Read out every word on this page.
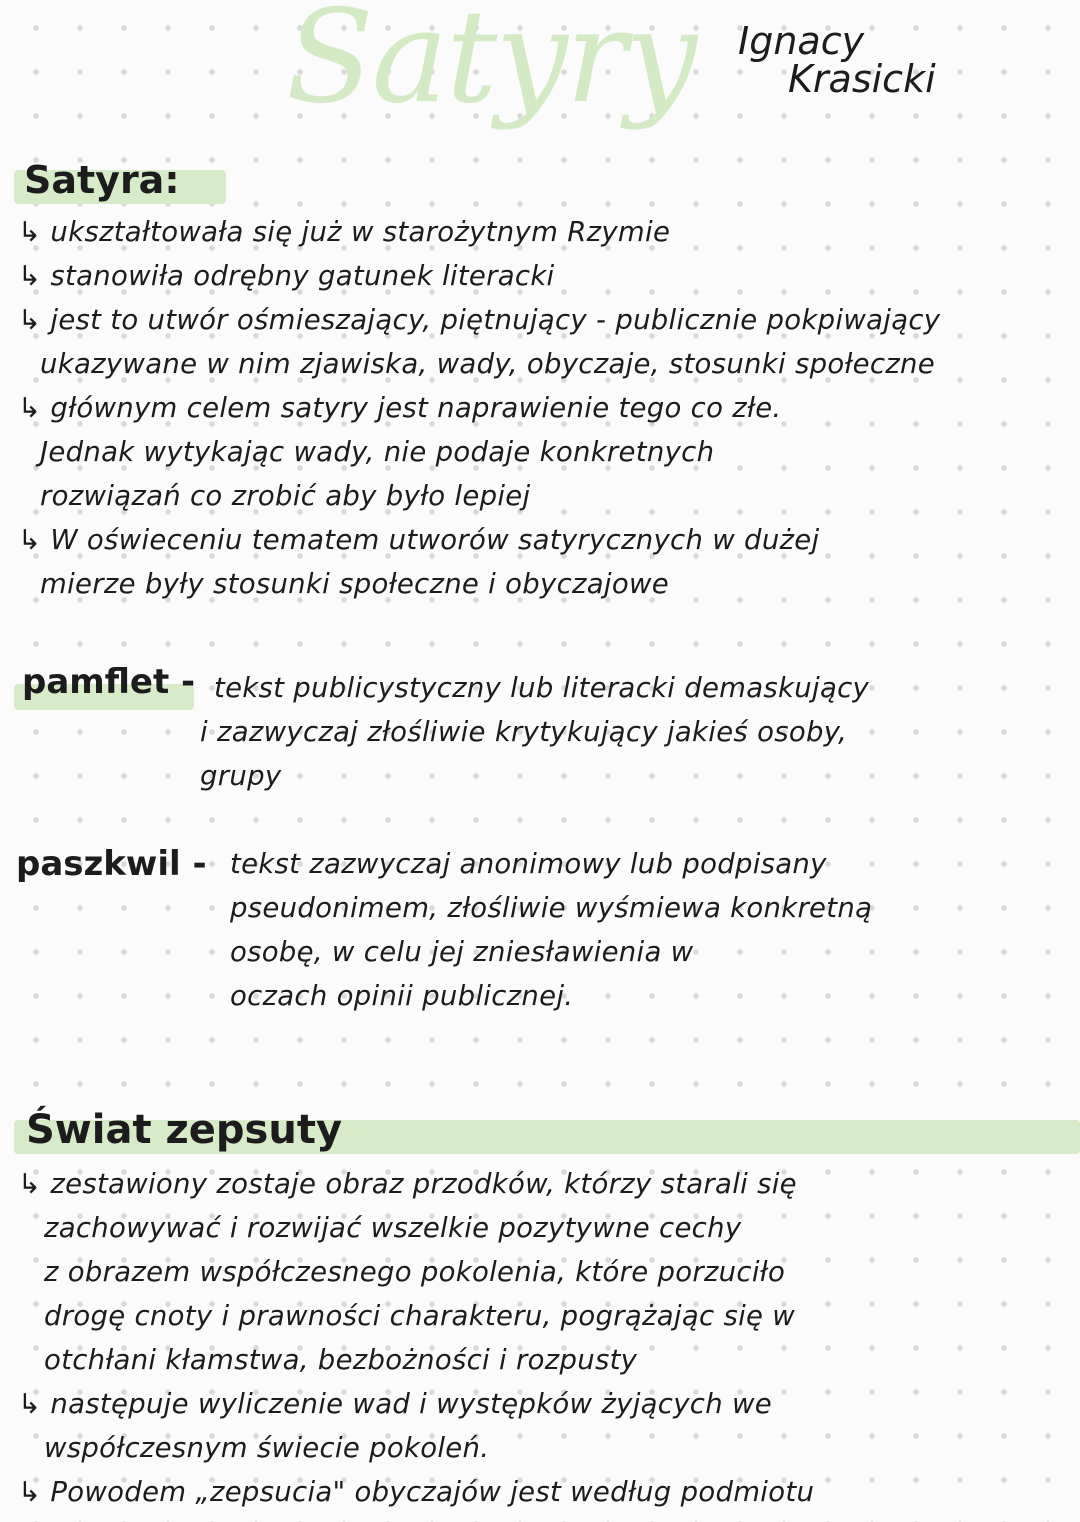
Satyry Ignacy
Krasicki
Satyra:
↳ ukształtowała się już w starożytnym Rzymie
↳ stanowiła odrębny gatunek literacki
↳ jest to utwór ośmieszający, piętnujący - publicznie pokpiwający
ukazywane w nim zjawiska, wady, obyczaje, stosunki społeczne
↳ głównym celem satyry jest naprawienie tego co złe.
Jednak wytykając wady, nie podaje konkretnych
rozwiązań co zrobić aby było lepiej
↳ W oświeceniu tematem utworów satyrycznych w dużej
mierze były stosunki społeczne i obyczajowe
pamflet - tekst publicystyczny lub literacki demaskujący
i zazwyczaj złośliwie krytykujący jakieś osoby,
grupy
paszkwil - tekst zazwyczaj anonimowy lub podpisany
pseudonimem, złośliwie wyśmiewa konkretną
osobę, w celu jej zniesławienia w
oczach opinii publicznej.
Świat zepsuty
↳ zestawiony zostaje obraz przodków, którzy starali się
zachowywać i rozwijać wszelkie pozytywne cechy
z obrazem współczesnego pokolenia, które porzuciło
drogę cnoty i prawności charakteru, pogrążając się w
otchłani kłamstwa, bezbożności i rozpusty
↳ następuje wyliczenie wad i występków żyjących we
współczesnym świecie pokoleń.
↳ Powodem „zepsucia" obyczajów jest według podmiotu
